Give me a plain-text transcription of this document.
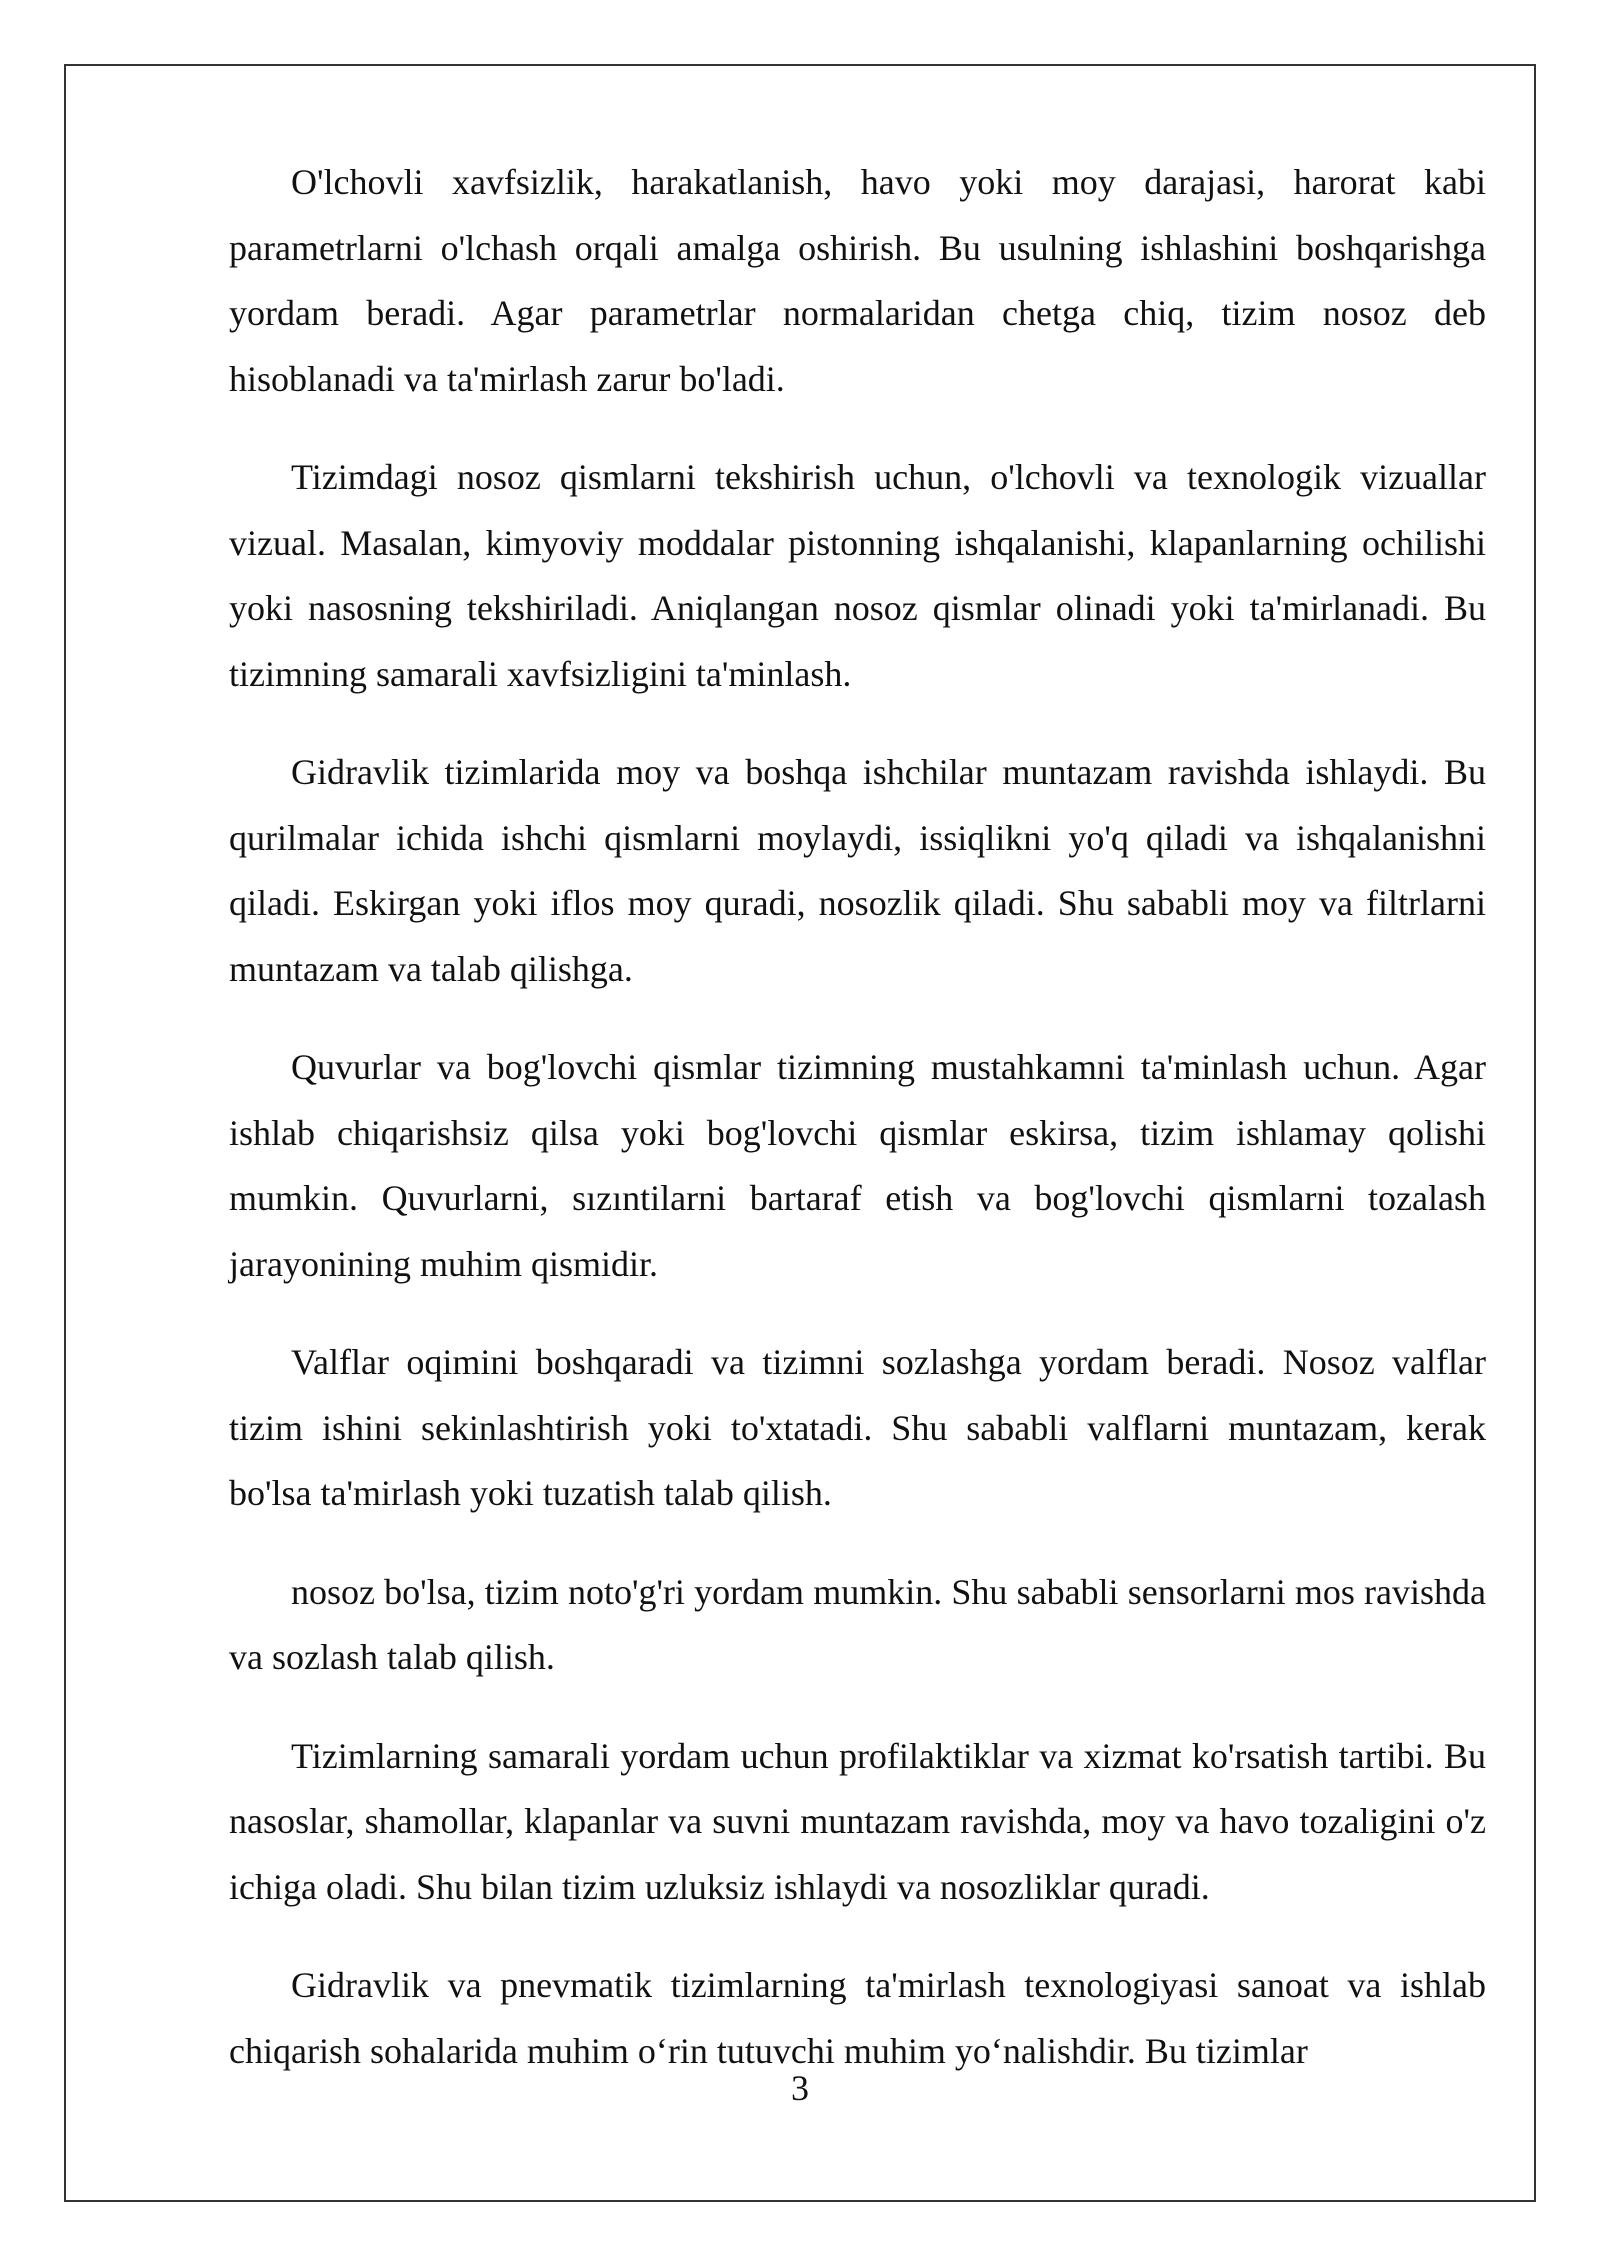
O'lchovli xavfsizlik, harakatlanish, havo yoki moy darajasi, harorat kabi parametrlarni o'lchash orqali amalga oshirish. Bu usulning ishlashini boshqarishga yordam beradi. Agar parametrlar normalaridan chetga chiq, tizim nosoz deb hisoblanadi va ta'mirlash zarur bo'ladi.

Tizimdagi nosoz qismlarni tekshirish uchun, o'lchovli va texnologik vizuallar vizual. Masalan, kimyoviy moddalar pistonning ishqalanishi, klapanlarning ochilishi yoki nasosning tekshiriladi. Aniqlangan nosoz qismlar olinadi yoki ta'mirlanadi. Bu tizimning samarali xavfsizligini ta'minlash.

Gidravlik tizimlarida moy va boshqa ishchilar muntazam ravishda ishlaydi. Bu qurilmalar ichida ishchi qismlarni moylaydi, issiqlikni yo'q qiladi va ishqalanishni qiladi. Eskirgan yoki iflos moy quradi, nosozlik qiladi. Shu sababli moy va filtrlarni muntazam va talab qilishga.

Quvurlar va bog'lovchi qismlar tizimning mustahkamni ta'minlash uchun. Agar ishlab chiqarishsiz qilsa yoki bog'lovchi qismlar eskirsa, tizim ishlamay qolishi mumkin. Quvurlarni, sızıntilarni bartaraf etish va bog'lovchi qismlarni tozalash jarayonining muhim qismidir.

Valflar oqimini boshqaradi va tizimni sozlashga yordam beradi. Nosoz valflar tizim ishini sekinlashtirish yoki to'xtatadi. Shu sababli valflarni muntazam, kerak bo'lsa ta'mirlash yoki tuzatish talab qilish.

nosoz bo'lsa, tizim noto'g'ri yordam mumkin. Shu sababli sensorlarni mos ravishda va sozlash talab qilish.

Tizimlarning samarali yordam uchun profilaktiklar va xizmat ko'rsatish tartibi. Bu nasoslar, shamollar, klapanlar va suvni muntazam ravishda, moy va havo tozaligini o'z ichiga oladi. Shu bilan tizim uzluksiz ishlaydi va nosozliklar quradi.

Gidravlik va pnevmatik tizimlarning ta'mirlash texnologiyasi sanoat va ishlab chiqarish sohalarida muhim o‘rin tutuvchi muhim yo‘nalishdir. Bu tizimlar

3
